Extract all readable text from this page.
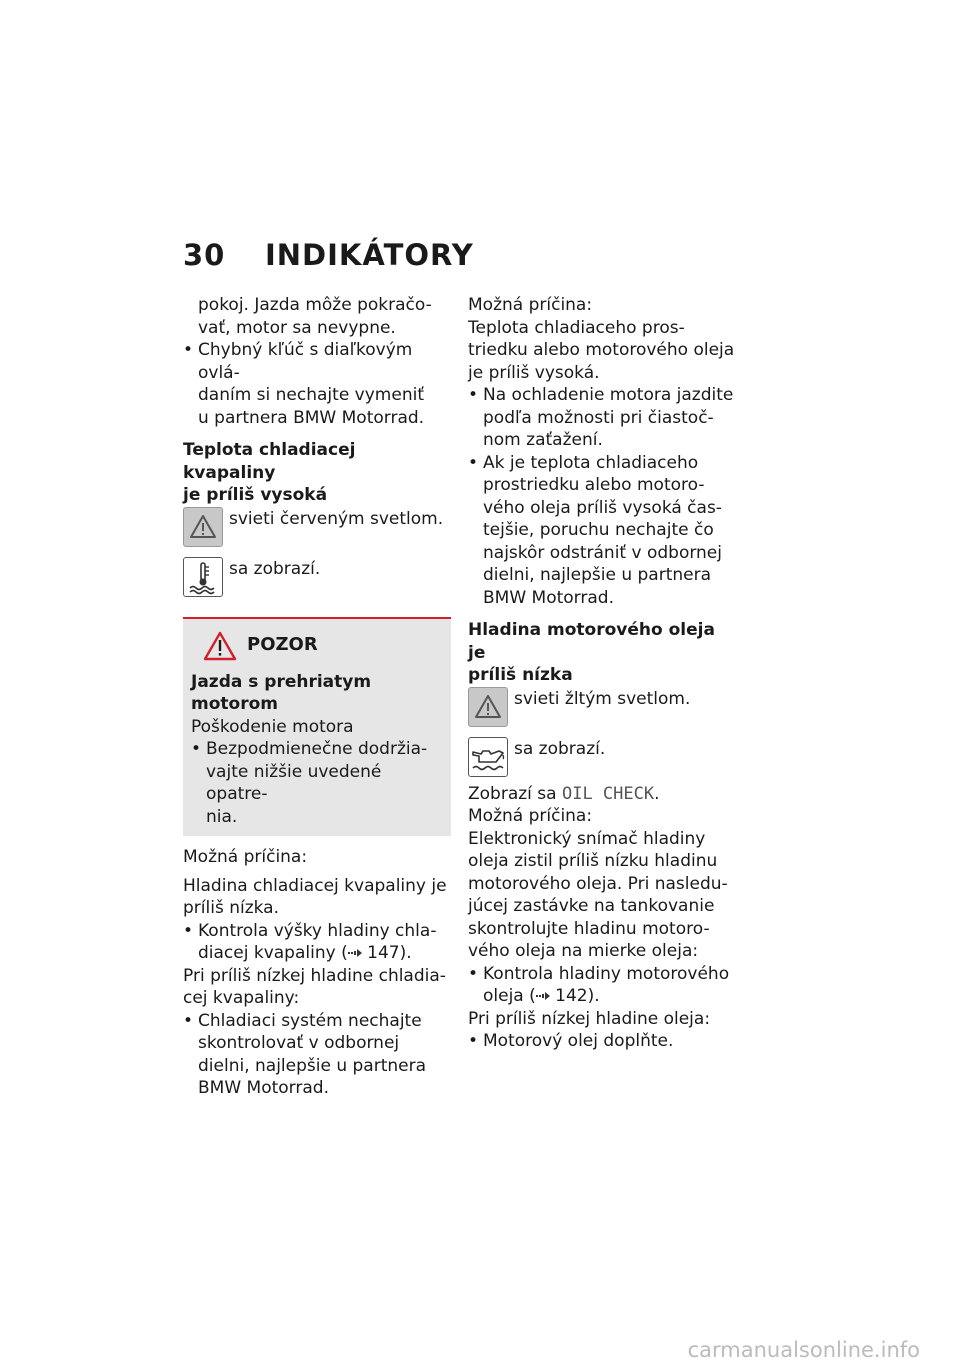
30	INDIKÁTORY

pokoj. Jazda môže pokračo-

vať, motor sa nevypne.

• Chybný kľúč s diaľkovým ovlá-

daním si nechajte vymeniť

u partnera BMW Motorrad.

Teplota chladiacej kvapaliny

je príliš vysoká

svieti červeným svetlom.
sa zobrazí.
POZOR

Jazda s prehriatym motorom

Poškodenie motora

• Bezpodmienečne dodržia-

vajte nižšie uvedené opatre-

nia.

Možná príčina:

Hladina chladiacej kvapaliny je

príliš nízka.

• Kontrola výšky hladiny chla-

diacej kvapaliny ( 147).

Pri príliš nízkej hladine chladia-

cej kvapaliny:

• Chladiaci systém nechajte

skontrolovať v odbornej

dielni, najlepšie u partnera

BMW Motorrad.

Možná príčina:

Teplota chladiaceho pros-

triedku alebo motorového oleja

je príliš vysoká.

• Na ochladenie motora jazdite

podľa možnosti pri čiastoč-

nom zaťažení.

• Ak je teplota chladiaceho

prostriedku alebo motoro-

vého oleja príliš vysoká čas-

tejšie, poruchu nechajte čo

najskôr odstrániť v odbornej

dielni, najlepšie u partnera

BMW Motorrad.

Hladina motorového oleja je

príliš nízka

svieti žltým svetlom.
sa zobrazí.

Zobrazí sa OIL CHECK.

Možná príčina:

Elektronický snímač hladiny

oleja zistil príliš nízku hladinu

motorového oleja. Pri nasledu-

júcej zastávke na tankovanie

skontrolujte hladinu motoro-

vého oleja na mierke oleja:

• Kontrola hladiny motorového

oleja ( 142).

Pri príliš nízkej hladine oleja:

• Motorový olej doplňte.

carmanualsonline.info
